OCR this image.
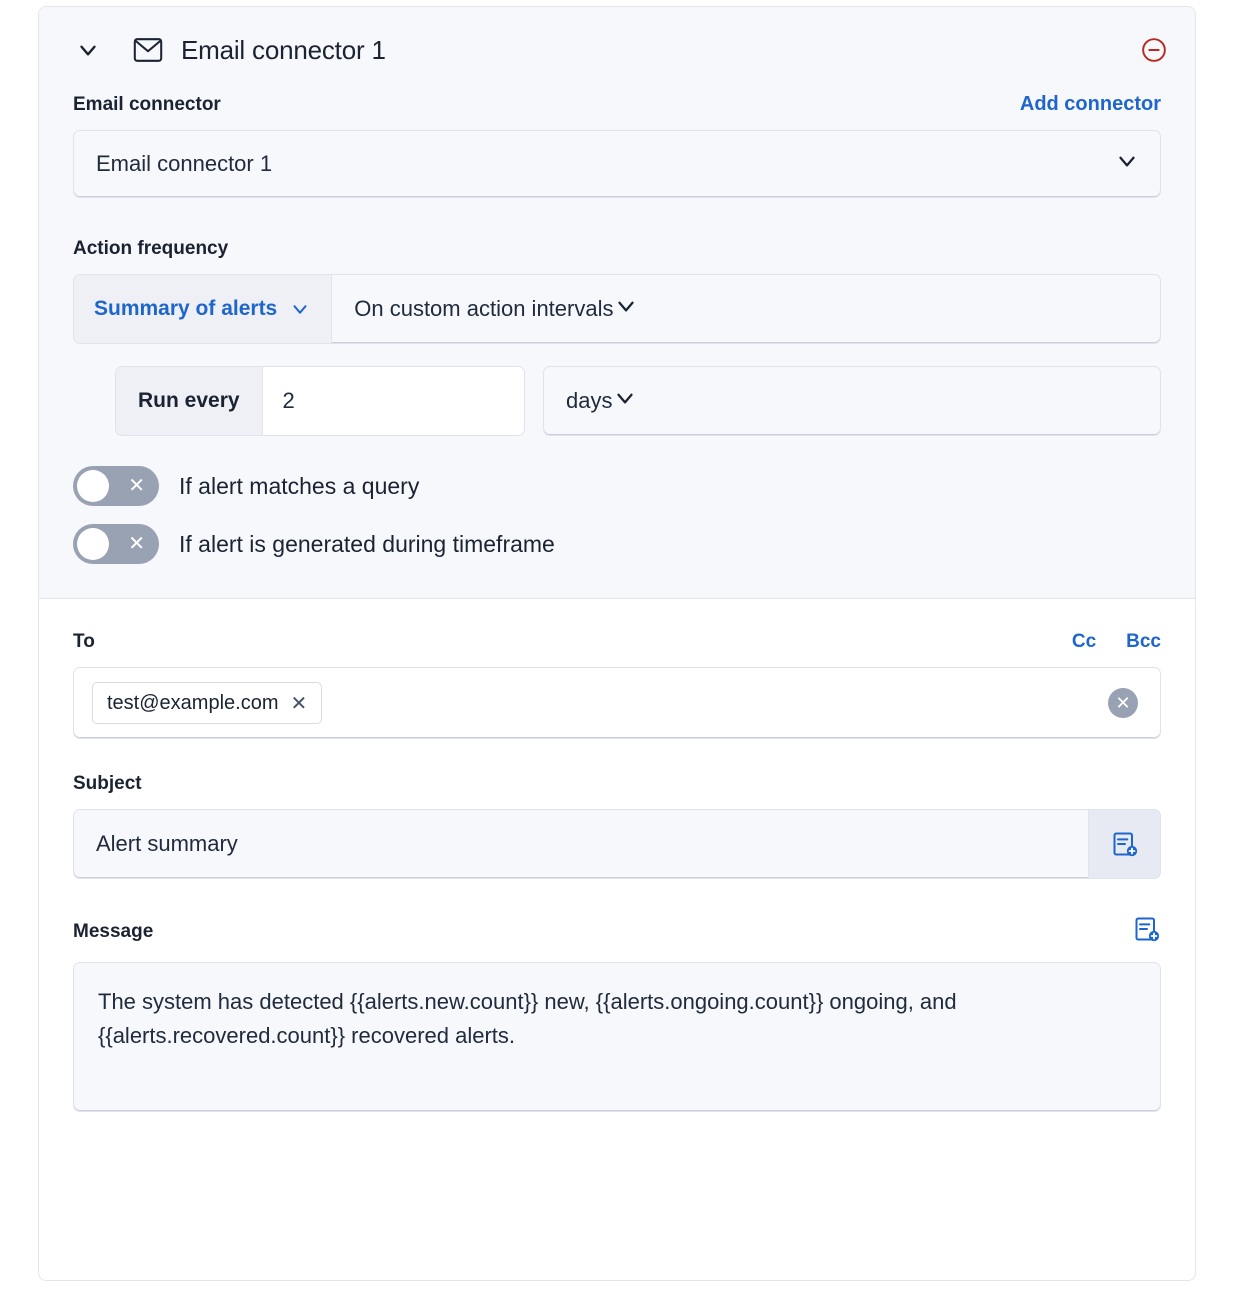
Email connector 1
Email connector	Add connector
Email connector 1
Action frequency
Summary of alerts	On custom action intervals
Run every	2	days
✕ If alert matches a query
✕ If alert is generated during timeframe
To	Cc Bcc
test@example.com ✕	✕
Subject
Alert summary
Message
The system has detected {{alerts.new.count}} new, {{alerts.ongoing.count}} ongoing, and {{alerts.recovered.count}} recovered alerts.
